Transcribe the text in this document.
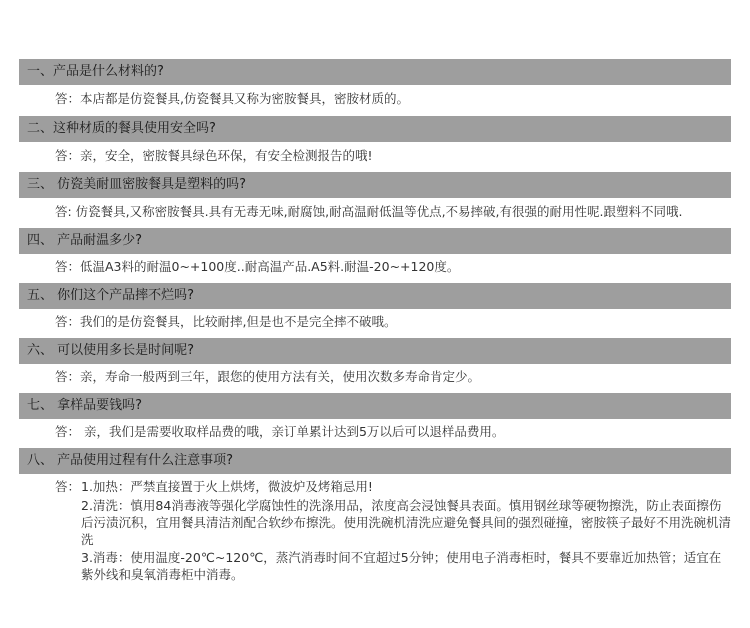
一、产品是什么材料的?
答：本店都是仿瓷餐具,仿瓷餐具又称为密胺餐具，密胺材质的。
二、这种材质的餐具使用安全吗?
答：亲，安全，密胺餐具绿色环保，有安全检测报告的哦!
三、 仿瓷美耐皿密胺餐具是塑料的吗?
答: 仿瓷餐具,又称密胺餐具.具有无毒无味,耐腐蚀,耐高温耐低温等优点,不易摔破,有很强的耐用性呢.跟塑料不同哦.
四、 产品耐温多少?
答：低温A3料的耐温0~+100度..耐高温产品.A5料.耐温-20~+120度。
五、 你们这个产品摔不烂吗?
答：我们的是仿瓷餐具，比较耐摔,但是也不是完全摔不破哦。
六、 可以使用多长是时间呢?
答：亲，寿命一般两到三年，跟您的使用方法有关，使用次数多寿命肯定少。
七、 拿样品要钱吗?
答： 亲，我们是需要收取样品费的哦，亲订单累计达到5万以后可以退样品费用。
八、 产品使用过程有什么注意事项?
答： 1.加热：严禁直接置于火上烘烤，微波炉及烤箱忌用!
2.清洗：慎用84消毒液等强化学腐蚀性的洗涤用品，浓度高会浸蚀餐具表面。慎用钢丝球等硬物擦洗，防止表面擦伤后污渍沉积，宜用餐具清洁剂配合软纱布擦洗。使用洗碗机清洗应避免餐具间的强烈碰撞，密胺筷子最好不用洗碗机清洗
3.消毒：使用温度-20℃~120℃，蒸汽消毒时间不宜超过5分钟；使用电子消毒柜时，餐具不要靠近加热管；适宜在紫外线和臭氧消毒柜中消毒。
